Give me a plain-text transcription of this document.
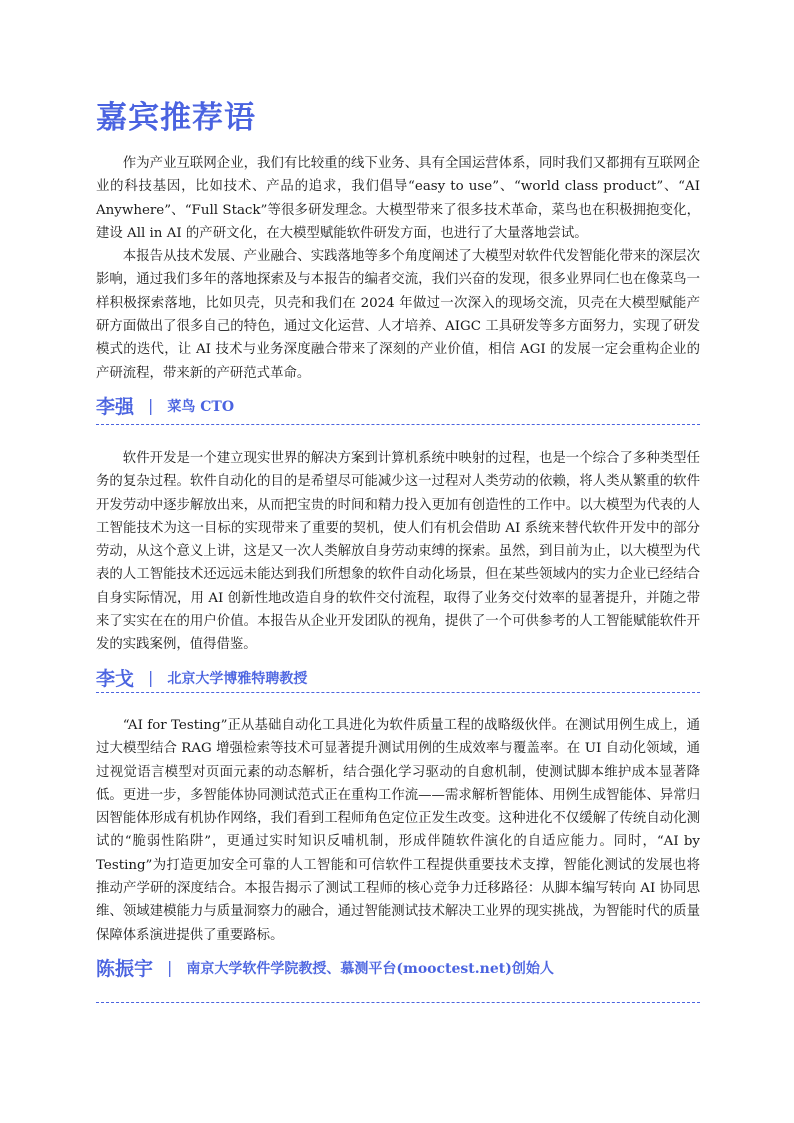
嘉宾推荐语

作为产业互联网企业，我们有比较重的线下业务、具有全国运营体系，同时我们又都拥有互联网企业的科技基因，比如技术、产品的追求，我们倡导“easy to use”、“world class product”、“AI Anywhere”、“Full Stack”等很多研发理念。大模型带来了很多技术革命，菜鸟也在积极拥抱变化，建设 All in AI 的产研文化，在大模型赋能软件研发方面，也进行了大量落地尝试。

本报告从技术发展、产业融合、实践落地等多个角度阐述了大模型对软件代发智能化带来的深层次影响，通过我们多年的落地探索及与本报告的编者交流，我们兴奋的发现，很多业界同仁也在像菜鸟一样积极探索落地，比如贝壳，贝壳和我们在 2024 年做过一次深入的现场交流，贝壳在大模型赋能产研方面做出了很多自己的特色，通过文化运营、人才培养、AIGC 工具研发等多方面努力，实现了研发模式的迭代，让 AI 技术与业务深度融合带来了深刻的产业价值，相信 AGI 的发展一定会重构企业的产研流程，带来新的产研范式革命。

李强 | 菜鸟 CTO

软件开发是一个建立现实世界的解决方案到计算机系统中映射的过程，也是一个综合了多种类型任务的复杂过程。软件自动化的目的是希望尽可能减少这一过程对人类劳动的依赖，将人类从繁重的软件开发劳动中逐步解放出来，从而把宝贵的时间和精力投入更加有创造性的工作中。以大模型为代表的人工智能技术为这一目标的实现带来了重要的契机，使人们有机会借助 AI 系统来替代软件开发中的部分劳动，从这个意义上讲，这是又一次人类解放自身劳动束缚的探索。虽然，到目前为止，以大模型为代表的人工智能技术还远远未能达到我们所想象的软件自动化场景，但在某些领域内的实力企业已经结合自身实际情况，用 AI 创新性地改造自身的软件交付流程，取得了业务交付效率的显著提升，并随之带来了实实在在的用户价值。本报告从企业开发团队的视角，提供了一个可供参考的人工智能赋能软件开发的实践案例，值得借鉴。

李戈 | 北京大学博雅特聘教授

“AI for Testing”正从基础自动化工具进化为软件质量工程的战略级伙伴。在测试用例生成上，通过大模型结合 RAG 增强检索等技术可显著提升测试用例的生成效率与覆盖率。在 UI 自动化领域，通过视觉语言模型对页面元素的动态解析，结合强化学习驱动的自愈机制，使测试脚本维护成本显著降低。更进一步，多智能体协同测试范式正在重构工作流——需求解析智能体、用例生成智能体、异常归因智能体形成有机协作网络，我们看到工程师角色定位正发生改变。这种进化不仅缓解了传统自动化测试的“脆弱性陷阱”，更通过实时知识反哺机制，形成伴随软件演化的自适应能力。同时，“AI by Testing”为打造更加安全可靠的人工智能和可信软件工程提供重要技术支撑，智能化测试的发展也将推动产学研的深度结合。本报告揭示了测试工程师的核心竞争力迁移路径：从脚本编写转向 AI 协同思维、领域建模能力与质量洞察力的融合，通过智能测试技术解决工业界的现实挑战，为智能时代的质量保障体系演进提供了重要路标。

陈振宇 | 南京大学软件学院教授、慕测平台(mooctest.net)创始人
